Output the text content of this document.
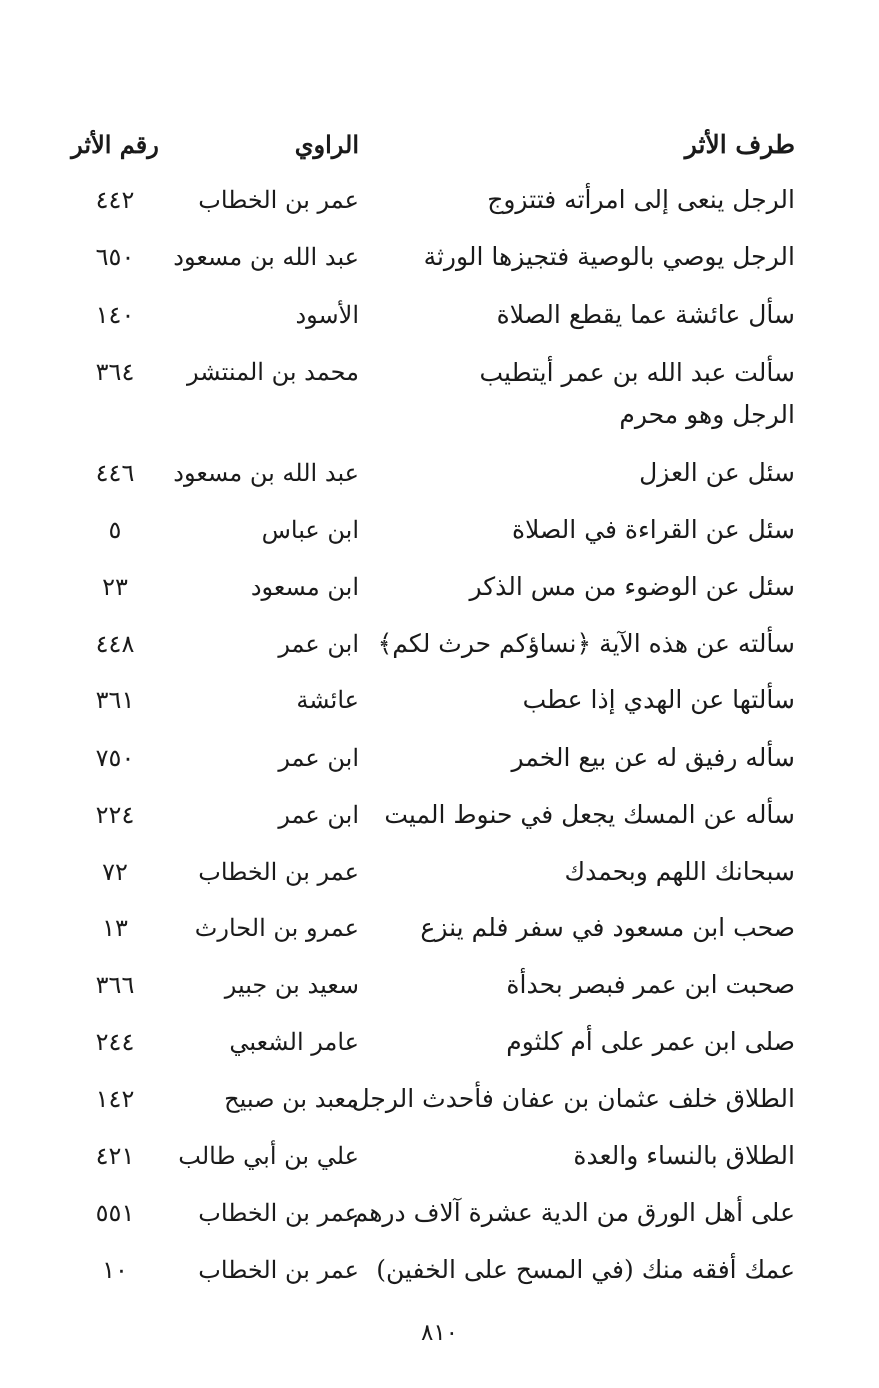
طرف الأثر
الراوي
رقم الأثر
الرجل ينعى إلى امرأته فتتزوج
عمر بن الخطاب
٤٤٢
الرجل يوصي بالوصية فتجيزها الورثة
عبد الله بن مسعود
٦٥٠
سأل عائشة عما يقطع الصلاة
الأسود
١٤٠
سألت عبد الله بن عمر أيتطيب الرجل وهو محرم
محمد بن المنتشر
٣٦٤
سئل عن العزل
عبد الله بن مسعود
٤٤٦
سئل عن القراءة في الصلاة
ابن عباس
٥
سئل عن الوضوء من مس الذكر
ابن مسعود
٢٣
سألته عن هذه الآية ﴿نساؤكم حرث لكم﴾
ابن عمر
٤٤٨
سألتها عن الهدي إذا عطب
عائشة
٣٦١
سأله رفيق له عن بيع الخمر
ابن عمر
٧٥٠
سأله عن المسك يجعل في حنوط الميت
ابن عمر
٢٢٤
سبحانك اللهم وبحمدك
عمر بن الخطاب
٧٢
صحب ابن مسعود في سفر فلم ينزع
عمرو بن الحارث
١٣
صحبت ابن عمر فبصر بحدأة
سعيد بن جبير
٣٦٦
صلى ابن عمر على أم كلثوم
عامر الشعبي
٢٤٤
الطلاق خلف عثمان بن عفان فأحدث الرجل
معبد بن صبيح
١٤٢
الطلاق بالنساء والعدة
علي بن أبي طالب
٤٢١
على أهل الورق من الدية عشرة آلاف درهم
عمر بن الخطاب
٥٥١
عمك أفقه منك (في المسح على الخفين)
عمر بن الخطاب
١٠
٨١٠
